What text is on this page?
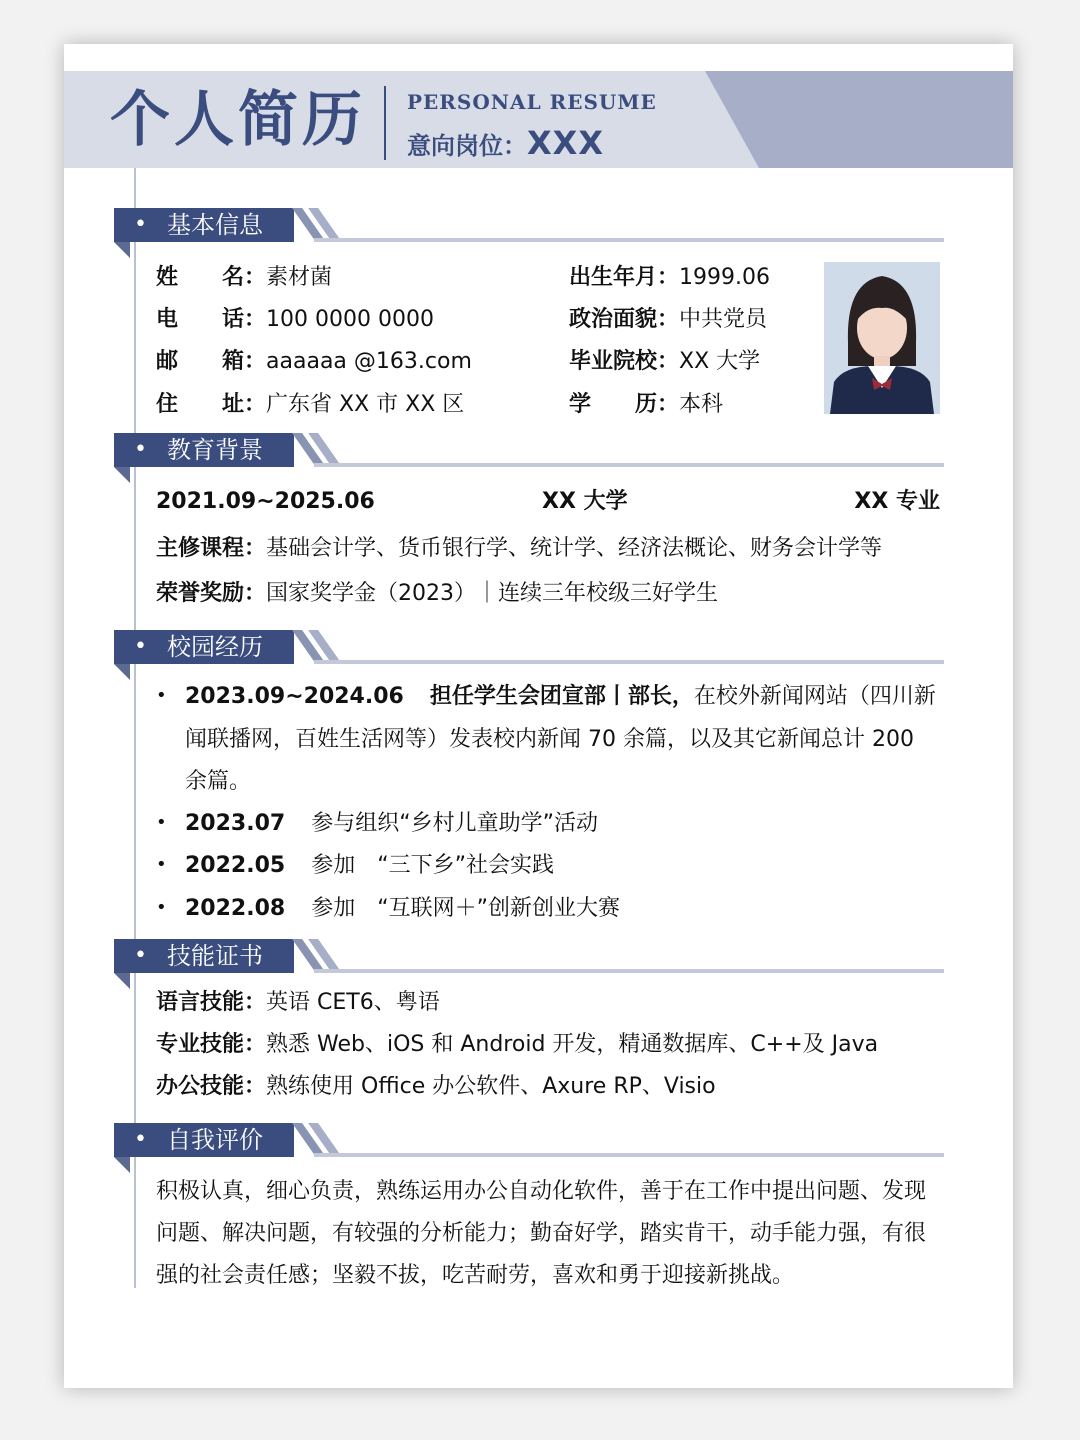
个人简历 PERSONAL RESUME
意向岗位：XXX
• 基本信息
姓　　名：素材菌
电　　话：100 0000 0000
邮　　箱：aaaaaa @163.com
住　　址：广东省 XX 市 XX 区
出生年月：1999.06
政治面貌：中共党员
毕业院校：XX 大学
学　　历：本科
• 教育背景
2021.09~2025.06	XX 大学	XX 专业
主修课程：基础会计学、货币银行学、统计学、经济法概论、财务会计学等
荣誉奖励：国家奖学金（2023）｜连续三年校级三好学生
• 校园经历
• 2023.09~2024.06 担任学生会团宣部丨部长，在校外新闻网站（四川新
闻联播网，百姓生活网等）发表校内新闻 70 余篇，以及其它新闻总计 200
余篇。
• 2023.07 参与组织“乡村儿童助学”活动
• 2022.05 参加　“三下乡”社会实践
• 2022.08 参加　“互联网＋”创新创业大赛
• 技能证书
语言技能：英语 CET6、粤语
专业技能：熟悉 Web、iOS 和 Android 开发，精通数据库、C++及 Java
办公技能：熟练使用 Office 办公软件、Axure RP、Visio
• 自我评价
积极认真，细心负责，熟练运用办公自动化软件，善于在工作中提出问题、发现
问题、解决问题，有较强的分析能力；勤奋好学，踏实肯干，动手能力强，有很
强的社会责任感；坚毅不拔，吃苦耐劳，喜欢和勇于迎接新挑战。
